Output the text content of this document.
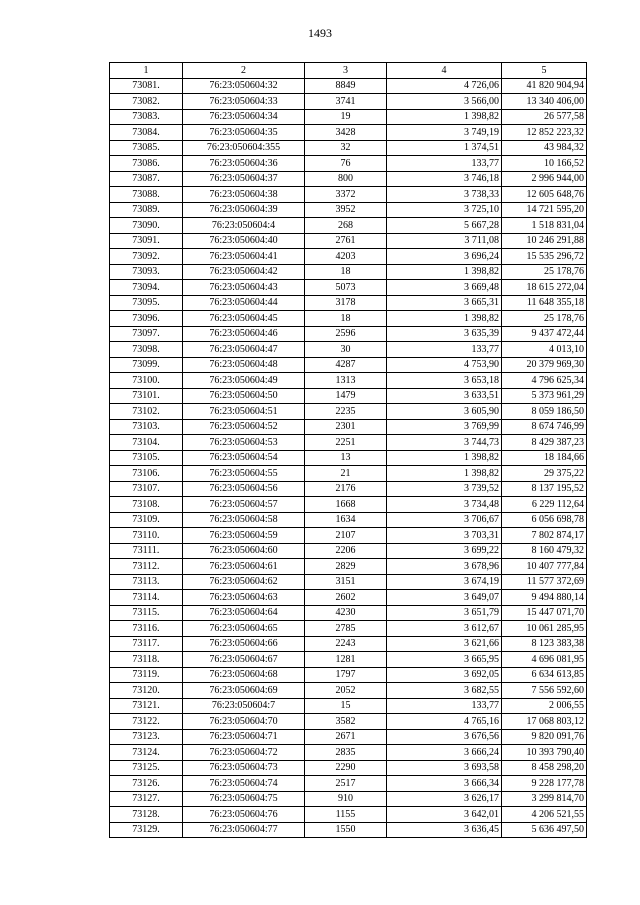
1493
1	2	3	4	5
73081.	76:23:050604:32	8849	4 726,06	41 820 904,94
73082.	76:23:050604:33	3741	3 566,00	13 340 406,00
73083.	76:23:050604:34	19	1 398,82	26 577,58
73084.	76:23:050604:35	3428	3 749,19	12 852 223,32
73085.	76:23:050604:355	32	1 374,51	43 984,32
73086.	76:23:050604:36	76	133,77	10 166,52
73087.	76:23:050604:37	800	3 746,18	2 996 944,00
73088.	76:23:050604:38	3372	3 738,33	12 605 648,76
73089.	76:23:050604:39	3952	3 725,10	14 721 595,20
73090.	76:23:050604:4	268	5 667,28	1 518 831,04
73091.	76:23:050604:40	2761	3 711,08	10 246 291,88
73092.	76:23:050604:41	4203	3 696,24	15 535 296,72
73093.	76:23:050604:42	18	1 398,82	25 178,76
73094.	76:23:050604:43	5073	3 669,48	18 615 272,04
73095.	76:23:050604:44	3178	3 665,31	11 648 355,18
73096.	76:23:050604:45	18	1 398,82	25 178,76
73097.	76:23:050604:46	2596	3 635,39	9 437 472,44
73098.	76:23:050604:47	30	133,77	4 013,10
73099.	76:23:050604:48	4287	4 753,90	20 379 969,30
73100.	76:23:050604:49	1313	3 653,18	4 796 625,34
73101.	76:23:050604:50	1479	3 633,51	5 373 961,29
73102.	76:23:050604:51	2235	3 605,90	8 059 186,50
73103.	76:23:050604:52	2301	3 769,99	8 674 746,99
73104.	76:23:050604:53	2251	3 744,73	8 429 387,23
73105.	76:23:050604:54	13	1 398,82	18 184,66
73106.	76:23:050604:55	21	1 398,82	29 375,22
73107.	76:23:050604:56	2176	3 739,52	8 137 195,52
73108.	76:23:050604:57	1668	3 734,48	6 229 112,64
73109.	76:23:050604:58	1634	3 706,67	6 056 698,78
73110.	76:23:050604:59	2107	3 703,31	7 802 874,17
73111.	76:23:050604:60	2206	3 699,22	8 160 479,32
73112.	76:23:050604:61	2829	3 678,96	10 407 777,84
73113.	76:23:050604:62	3151	3 674,19	11 577 372,69
73114.	76:23:050604:63	2602	3 649,07	9 494 880,14
73115.	76:23:050604:64	4230	3 651,79	15 447 071,70
73116.	76:23:050604:65	2785	3 612,67	10 061 285,95
73117.	76:23:050604:66	2243	3 621,66	8 123 383,38
73118.	76:23:050604:67	1281	3 665,95	4 696 081,95
73119.	76:23:050604:68	1797	3 692,05	6 634 613,85
73120.	76:23:050604:69	2052	3 682,55	7 556 592,60
73121.	76:23:050604:7	15	133,77	2 006,55
73122.	76:23:050604:70	3582	4 765,16	17 068 803,12
73123.	76:23:050604:71	2671	3 676,56	9 820 091,76
73124.	76:23:050604:72	2835	3 666,24	10 393 790,40
73125.	76:23:050604:73	2290	3 693,58	8 458 298,20
73126.	76:23:050604:74	2517	3 666,34	9 228 177,78
73127.	76:23:050604:75	910	3 626,17	3 299 814,70
73128.	76:23:050604:76	1155	3 642,01	4 206 521,55
73129.	76:23:050604:77	1550	3 636,45	5 636 497,50
